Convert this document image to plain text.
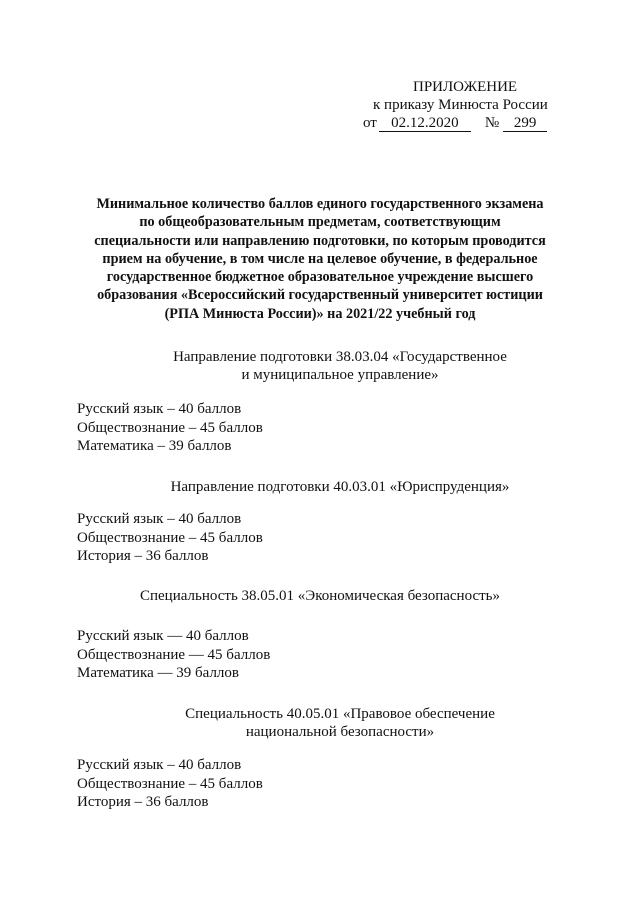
ПРИЛОЖЕНИЕ
к приказу Минюста России
от 02.12.2020 № 299
Минимальное количество баллов единого государственного экзамена
по общеобразовательным предметам, соответствующим
специальности или направлению подготовки, по которым проводится
прием на обучение, в том числе на целевое обучение, в федеральное
государственное бюджетное образовательное учреждение высшего
образования «Всероссийский государственный университет юстиции
(РПА Минюста России)» на 2021/22 учебный год
Направление подготовки 38.03.04 «Государственное
и муниципальное управление»
Русский язык – 40 баллов
Обществознание – 45 баллов
Математика – 39 баллов
Направление подготовки 40.03.01 «Юриспруденция»
Русский язык – 40 баллов
Обществознание – 45 баллов
История – 36 баллов
Специальность 38.05.01 «Экономическая безопасность»
Русский язык — 40 баллов
Обществознание — 45 баллов
Математика — 39 баллов
Специальность 40.05.01 «Правовое обеспечение
национальной безопасности»
Русский язык – 40 баллов
Обществознание – 45 баллов
История – 36 баллов
